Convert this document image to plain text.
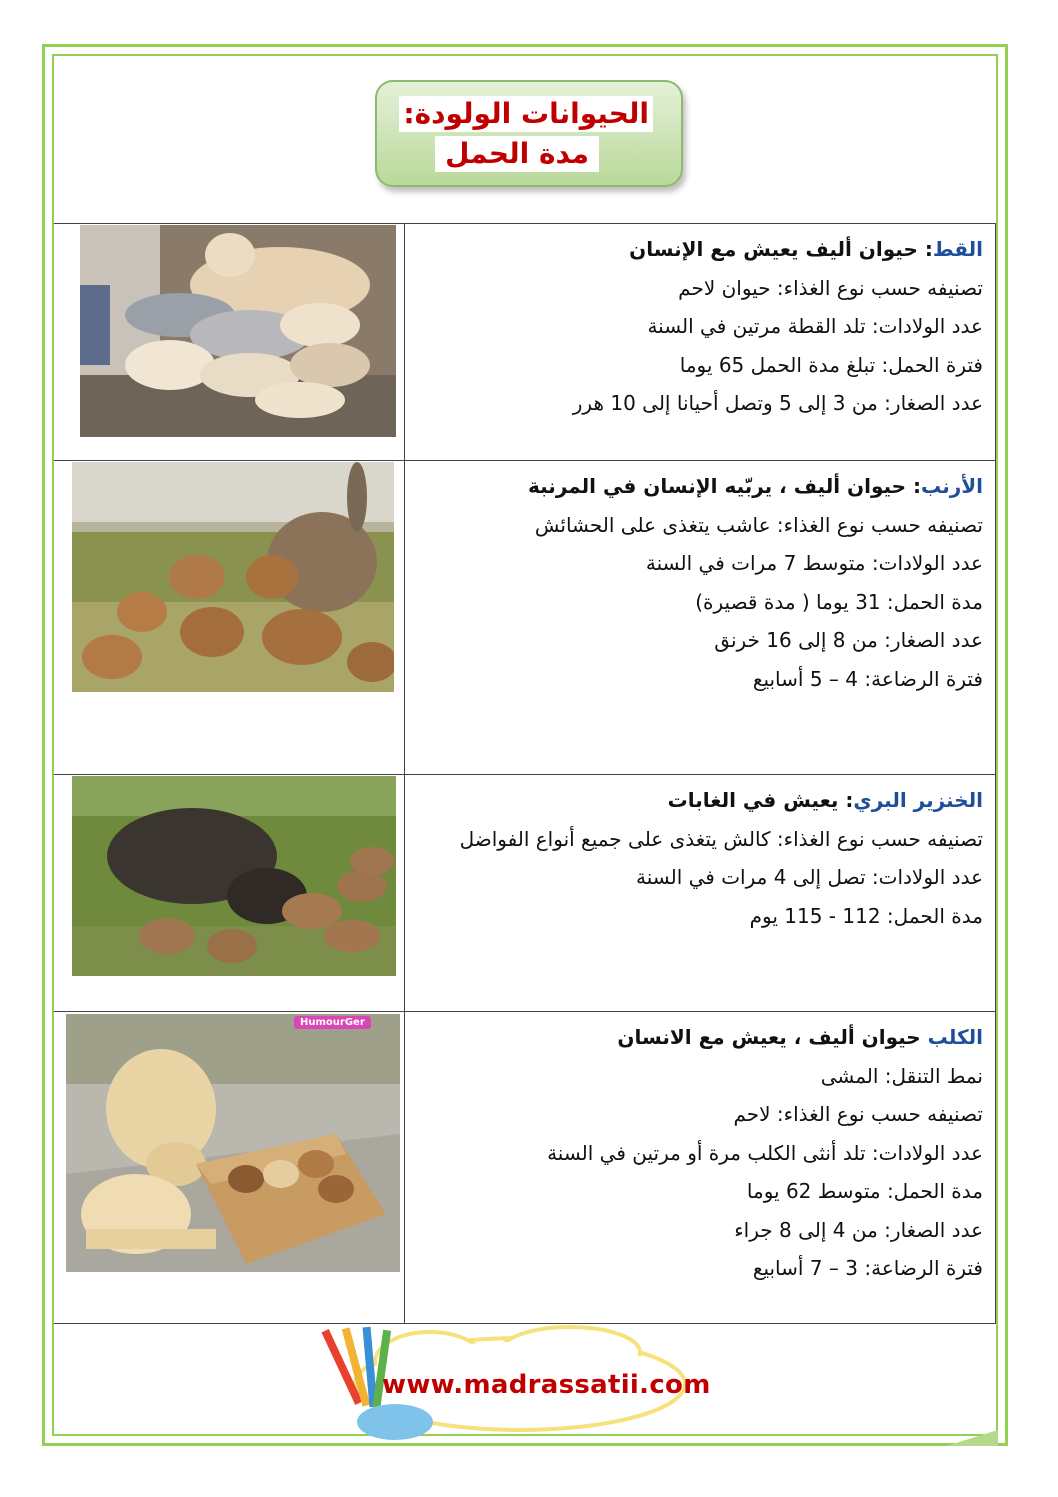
الحيوانات الولودة:
مدة الحمل
القط: حيوان أليف يعيش مع الإنسان
تصنيفه حسب نوع الغذاء: حيوان لاحم
عدد الولادات: تلد القطة مرتين في السنة
فترة الحمل: تبلغ مدة الحمل 65 يوما
عدد الصغار: من 3 إلى 5 وتصل أحيانا إلى 10 هرر
الأرنب: حيوان أليف ، يربّيه الإنسان في المرنبة
تصنيفه حسب نوع الغذاء: عاشب يتغذى على الحشائش
عدد الولادات: متوسط 7 مرات في السنة
مدة الحمل: 31 يوما ( مدة قصيرة)
عدد الصغار: من 8 إلى 16 خرنق
فترة الرضاعة: 4 – 5 أسابيع
الخنزير البري: يعيش في الغابات
تصنيفه حسب نوع الغذاء: كالش يتغذى على جميع أنواع الفواضل
عدد الولادات: تصل إلى 4 مرات في السنة
مدة الحمل: 112 - 115 يوم
الكلب حيوان أليف ، يعيش مع الانسان
نمط التنقل: المشى
تصنيفه حسب نوع الغذاء: لاحم
عدد الولادات: تلد أنثى الكلب مرة أو مرتين في السنة
مدة الحمل: متوسط 62 يوما
عدد الصغار: من 4 إلى 8 جراء
فترة الرضاعة: 3 – 7 أسابيع
HumourGer
www.madrassatii.com
